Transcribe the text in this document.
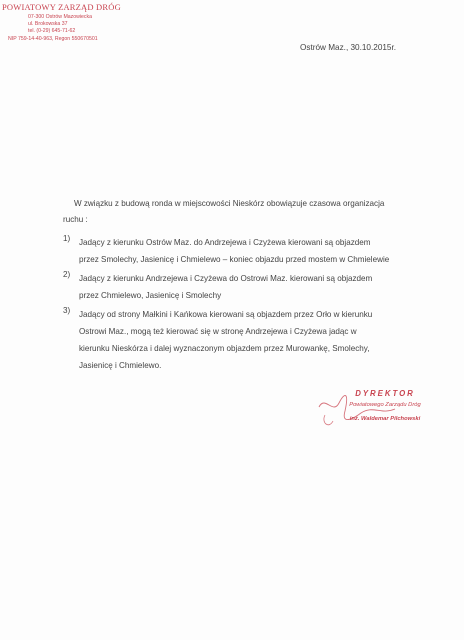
POWIATOWY ZARZĄD DRÓG
07-300 Ostrów Mazowiecka
ul. Brokowska 37
tel. (0-29) 645-71-62
NIP 759-14-40-963, Regon 550670501
Ostrów Maz., 30.10.2015r.
W związku z budową ronda w miejscowości Nieskórz obowiązuje czasowa organizacja
ruchu :
1) Jadący z kierunku Ostrów Maz. do Andrzejewa i Czyżewa kierowani są objazdem
przez Smolechy, Jasienicę i Chmielewo – koniec objazdu przed mostem w Chmielewie
2) Jadący z kierunku Andrzejewa i Czyżewa do Ostrowi Maz. kierowani są objazdem
przez Chmielewo, Jasienicę i Smolechy
3) Jadący od strony Małkini i Kańkowa kierowani są objazdem przez Orło w kierunku
Ostrowi Maz., mogą też kierować się w stronę Andrzejewa i Czyżewa jadąc w
kierunku Nieskórza i dalej wyznaczonym objazdem przez Murowankę, Smolechy,
Jasienicę i Chmielewo.
DYREKTOR
Powiatowego Zarządu Dróg
inż. Waldemar Pilchowski
